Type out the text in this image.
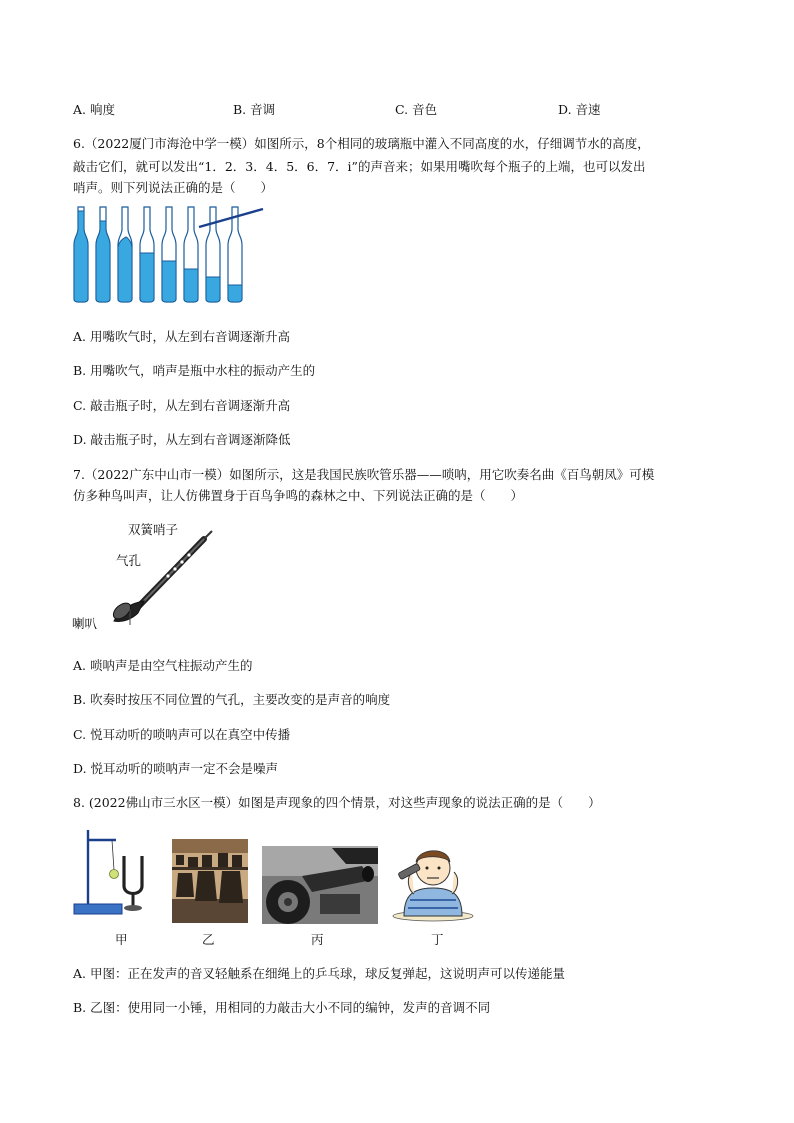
A. 响度	B. 音调	C. 音色	D. 音速
6.（2022厦门市海沧中学一模）如图所示，8个相同的玻璃瓶中灌入不同高度的水，仔细调节水的高度，
敲击它们，就可以发出“1．2．3．4．5．6．7．i”的声音来；如果用嘴吹每个瓶子的上端，也可以发出
哨声。则下列说法正确的是（　　）
A. 用嘴吹气时，从左到右音调逐渐升高
B. 用嘴吹气，哨声是瓶中水柱的振动产生的
C. 敲击瓶子时，从左到右音调逐渐升高
D. 敲击瓶子时，从左到右音调逐渐降低
7.（2022广东中山市一模）如图所示，这是我国民族吹管乐器——唢呐，用它吹奏名曲《百鸟朝凤》可模
仿多种鸟叫声，让人仿佛置身于百鸟争鸣的森林之中、下列说法正确的是（　　）
双簧哨子
气孔
喇叭
A. 唢呐声是由空气柱振动产生的
B. 吹奏时按压不同位置的气孔，主要改变的是声音的响度
C. 悦耳动听的唢呐声可以在真空中传播
D. 悦耳动听的唢呐声一定不会是噪声
8. (2022佛山市三水区一模）如图是声现象的四个情景，对这些声现象的说法正确的是（　　）
甲	乙	丙	丁
A. 甲图：正在发声的音叉轻触系在细绳上的乒乓球，球反复弹起，这说明声可以传递能量
B. 乙图：使用同一小锤，用相同的力敲击大小不同的编钟，发声的音调不同
